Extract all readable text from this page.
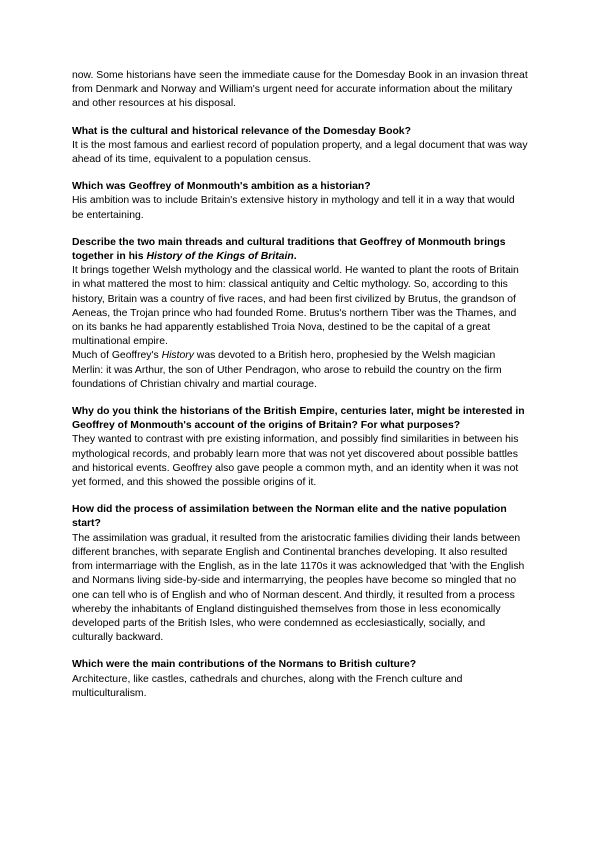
now. Some historians have seen the immediate cause for the Domesday Book in an invasion threat from Denmark and Norway and William's urgent need for accurate information about the military and other resources at his disposal.

What is the cultural and historical relevance of the Domesday Book?

It is the most famous and earliest record of population property, and a legal document that was way ahead of its time, equivalent to a population census.

Which was Geoffrey of Monmouth's ambition as a historian?

His ambition was to include Britain's extensive history in mythology and tell it in a way that would be entertaining.

Describe the two main threads and cultural traditions that Geoffrey of Monmouth brings together in his History of the Kings of Britain.

It brings together Welsh mythology and the classical world. He wanted to plant the roots of Britain in what mattered the most to him: classical antiquity and Celtic mythology. So, according to this history, Britain was a country of five races, and had been first civilized by Brutus, the grandson of Aeneas, the Trojan prince who had founded Rome. Brutus's northern Tiber was the Thames, and on its banks he had apparently established Troia Nova, destined to be the capital of a great multinational empire.

Much of Geoffrey's History was devoted to a British hero, prophesied by the Welsh magician Merlin: it was Arthur, the son of Uther Pendragon, who arose to rebuild the country on the firm foundations of Christian chivalry and martial courage.

Why do you think the historians of the British Empire, centuries later, might be interested in Geoffrey of Monmouth's account of the origins of Britain? For what purposes?

They wanted to contrast with pre existing information, and possibly find similarities in between his mythological records, and probably learn more that was not yet discovered about possible battles and historical events. Geoffrey also gave people a common myth, and an identity when it was not yet formed, and this showed the possible origins of it.

How did the process of assimilation between the Norman elite and the native population start?

The assimilation was gradual, it resulted from the aristocratic families dividing their lands between different branches, with separate English and Continental branches developing. It also resulted from intermarriage with the English, as in the late 1170s it was acknowledged that 'with the English and Normans living side-by-side and intermarrying, the peoples have become so mingled that no one can tell who is of English and who of Norman descent. And thirdly, it resulted from a process whereby the inhabitants of England distinguished themselves from those in less economically developed parts of the British Isles, who were condemned as ecclesiastically, socially, and culturally backward.

Which were the main contributions of the Normans to British culture?

Architecture, like castles, cathedrals and churches, along with the French culture and multiculturalism.
